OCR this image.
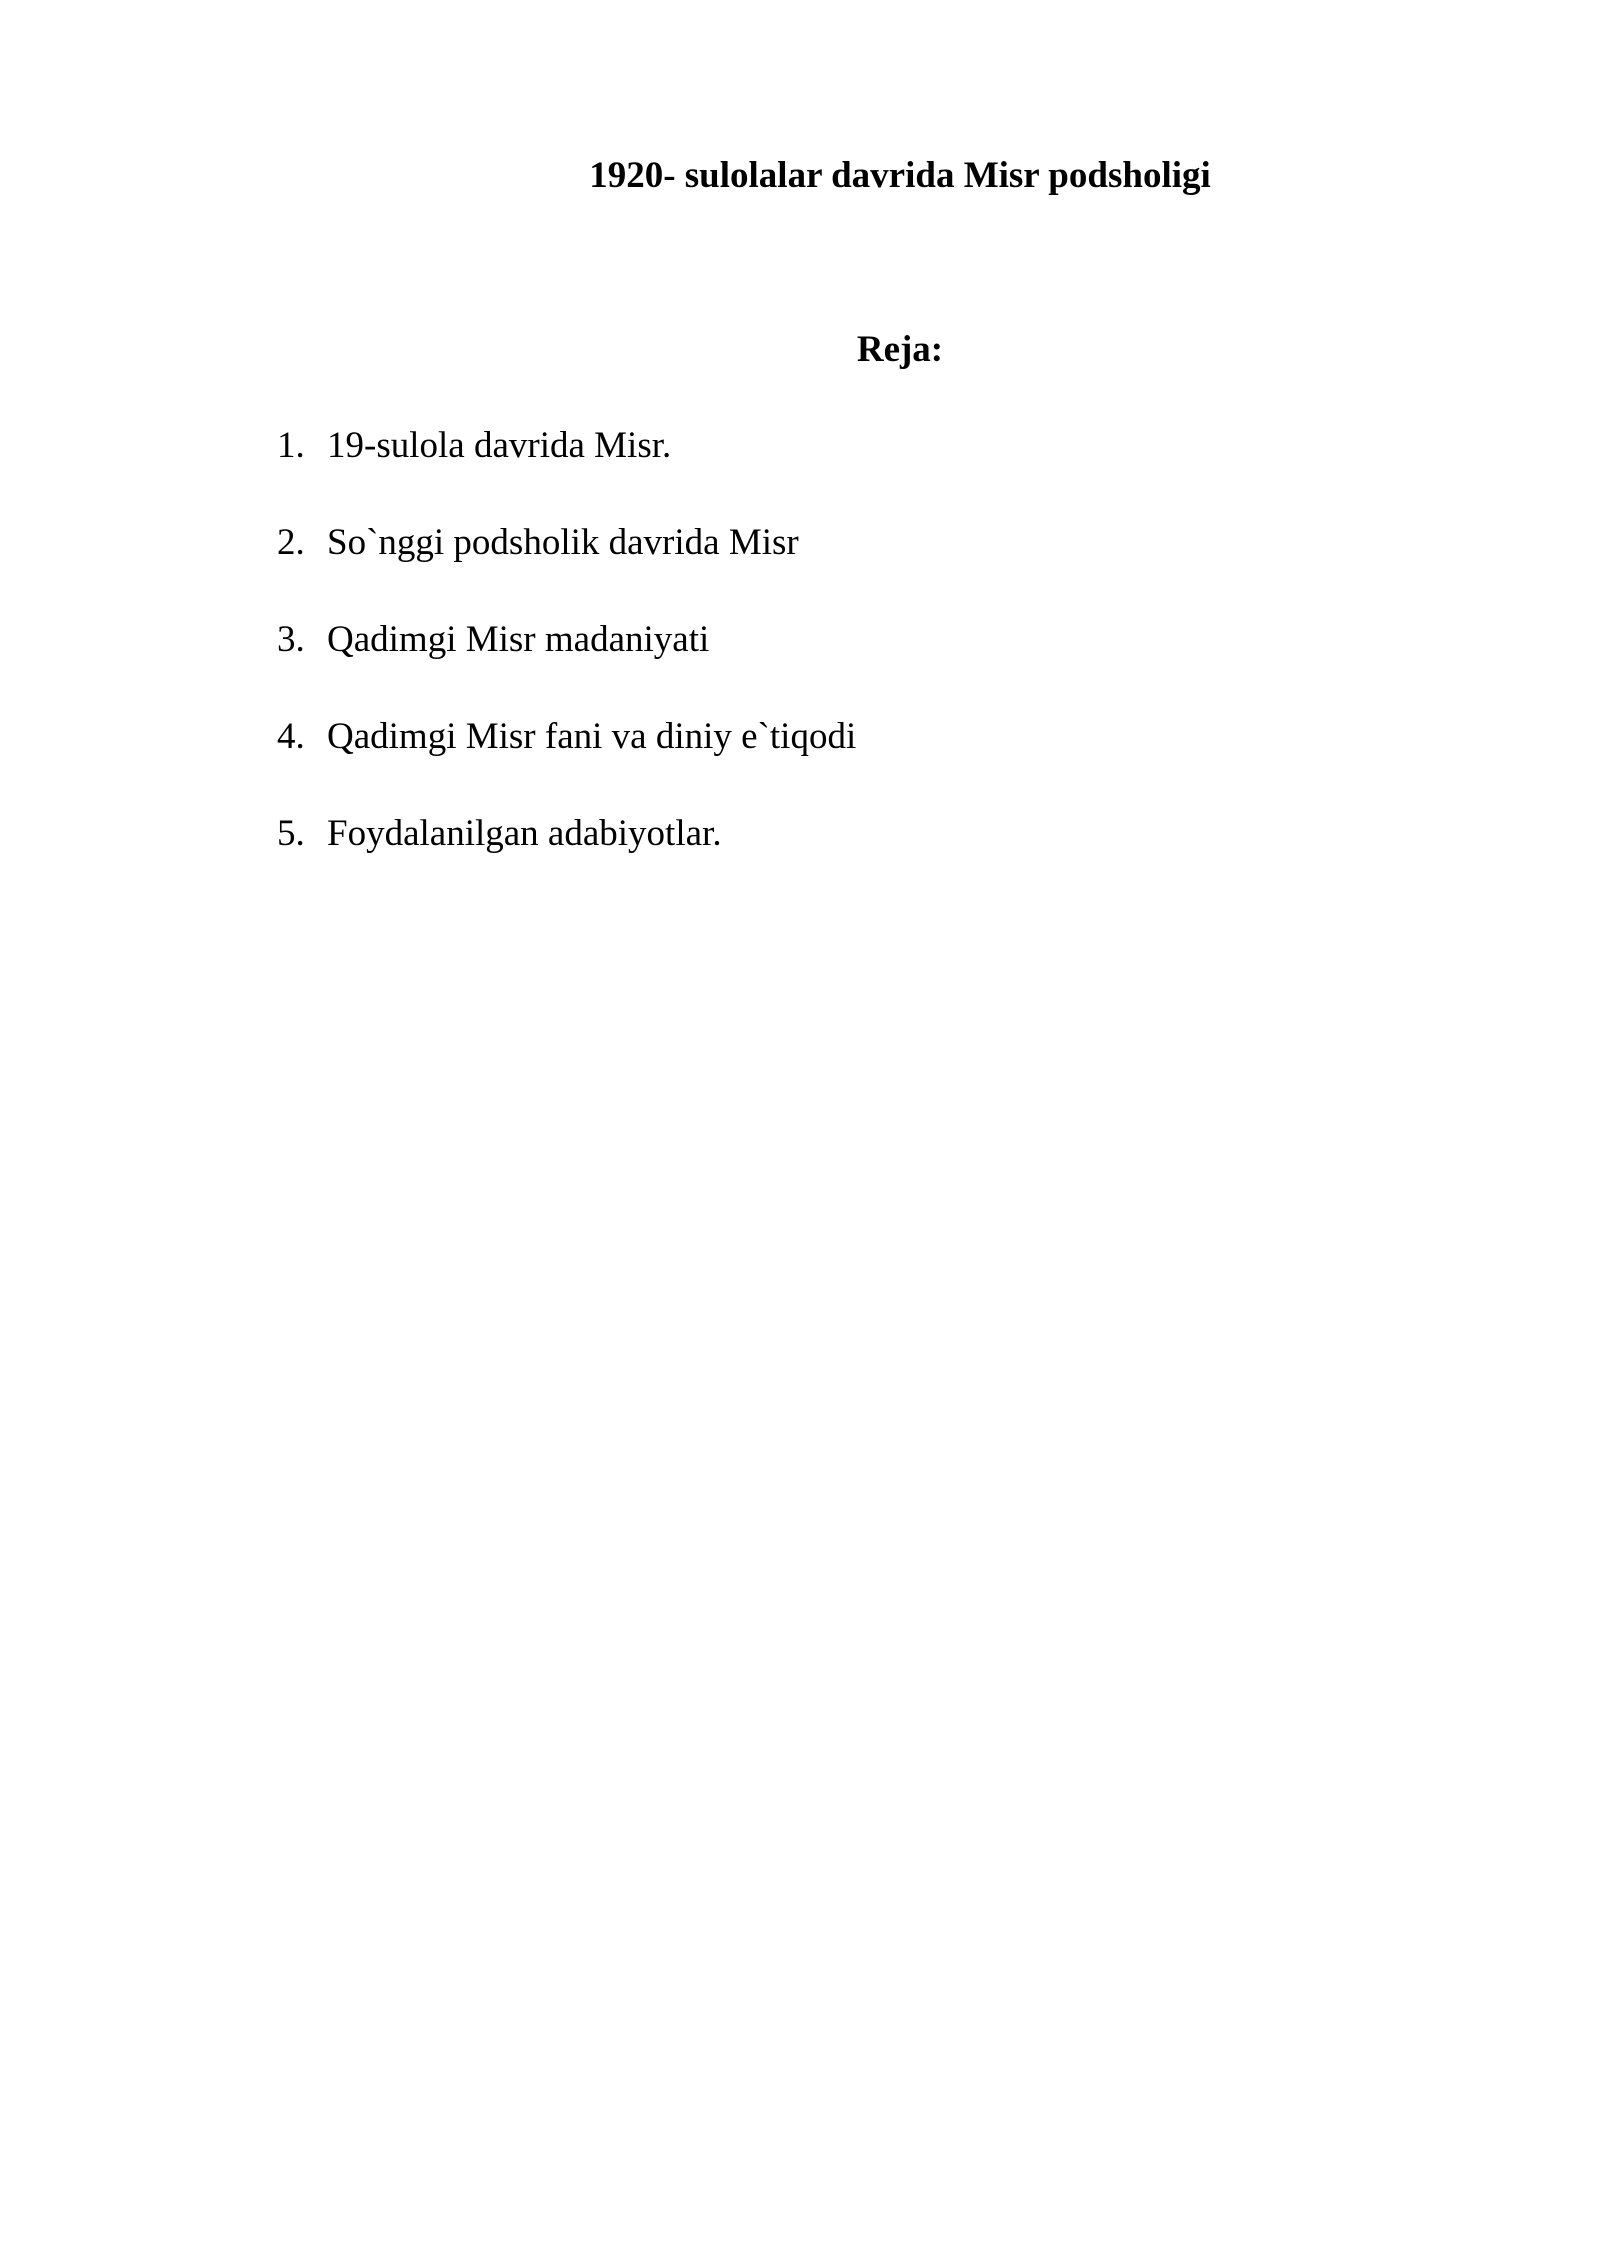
1920- sulolalar davrida Misr podsholigi
Reja:
1. 19-sulola davrida Misr.
2. So`nggi podsholik davrida Misr
3. Qadimgi Misr madaniyati
4. Qadimgi Misr fani va diniy e`tiqodi
5. Foydalanilgan adabiyotlar.
